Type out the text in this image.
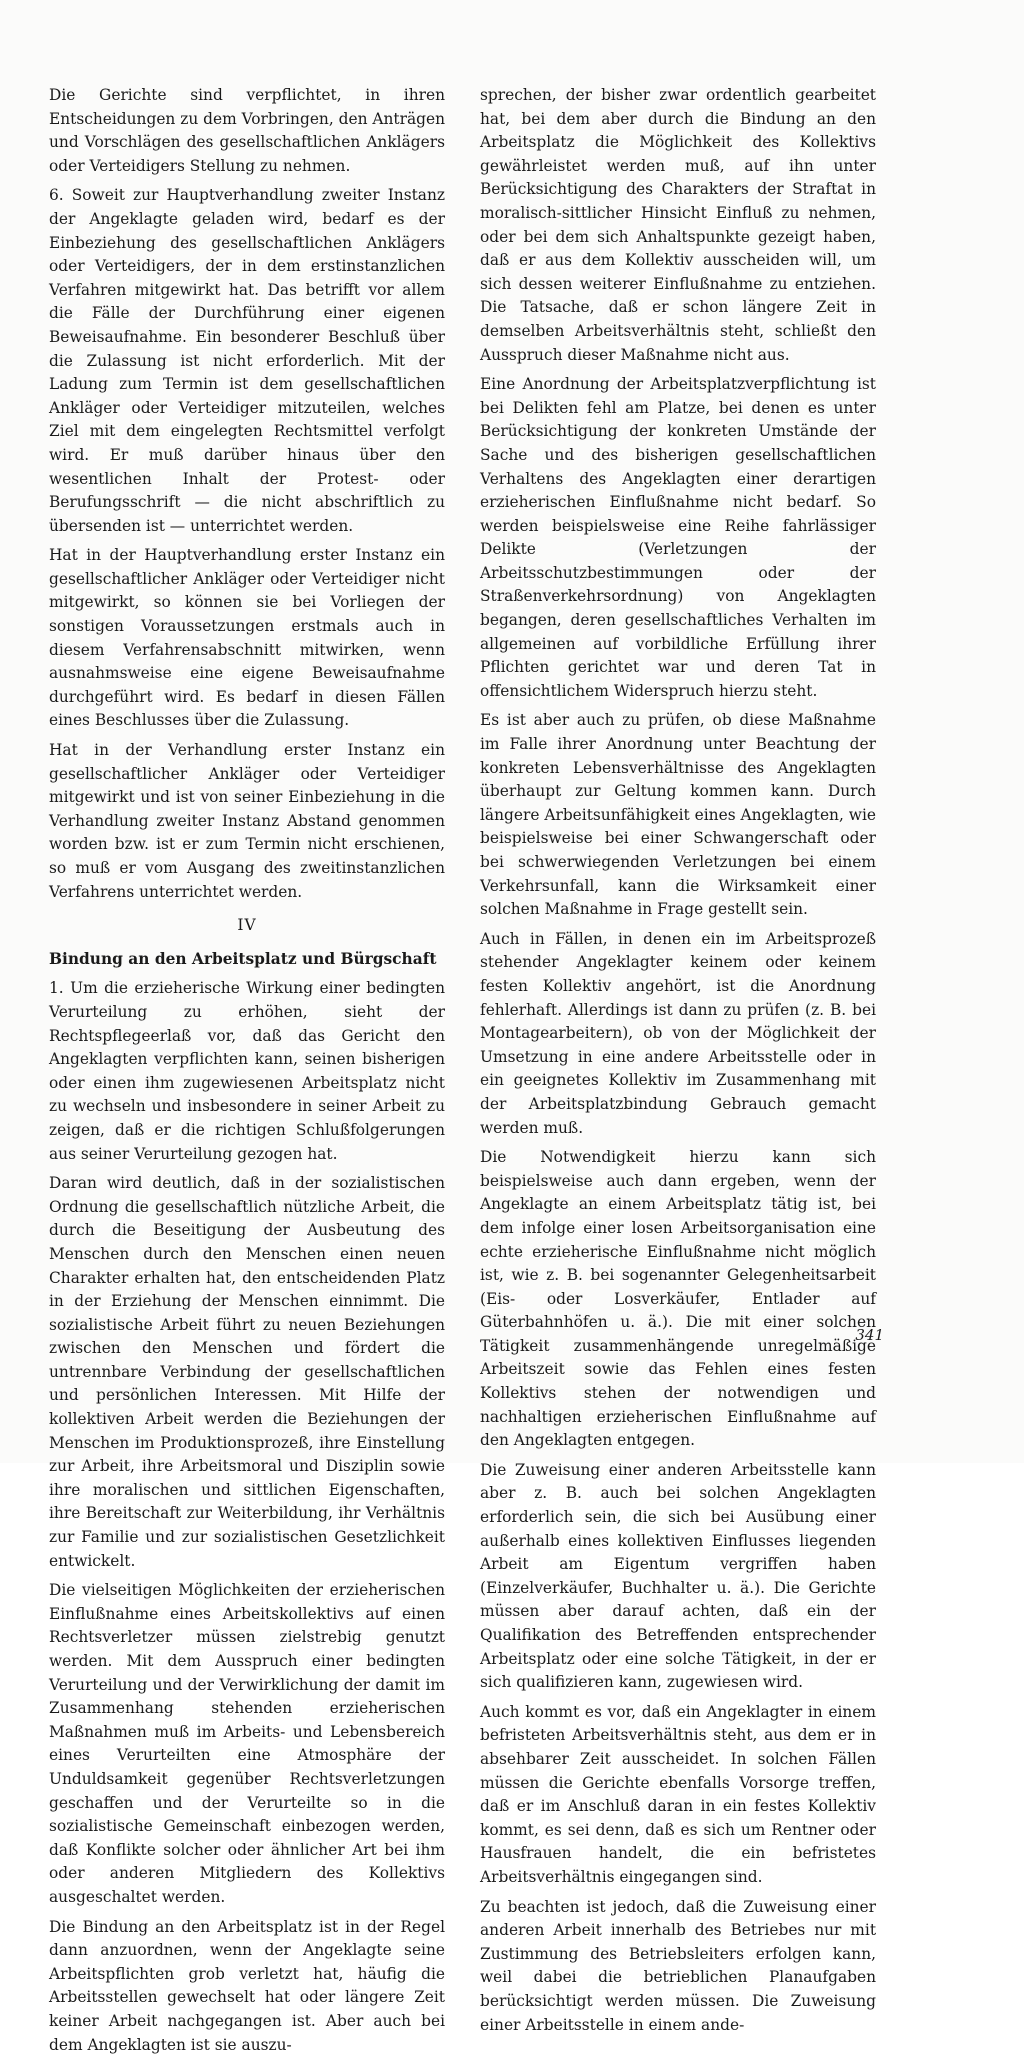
Die Gerichte sind verpflichtet, in ihren Entscheidungen zu dem Vorbringen, den Anträgen und Vorschlägen des gesellschaftlichen Anklägers oder Verteidigers Stellung zu nehmen.

6. Soweit zur Hauptverhandlung zweiter Instanz der Angeklagte geladen wird, bedarf es der Einbeziehung des gesellschaftlichen Anklägers oder Verteidigers, der in dem erstinstanzlichen Verfahren mitgewirkt hat. Das betrifft vor allem die Fälle der Durchführung einer eigenen Beweisaufnahme. Ein besonderer Beschluß über die Zulassung ist nicht erforderlich. Mit der Ladung zum Termin ist dem gesellschaftlichen Ankläger oder Verteidiger mitzuteilen, welches Ziel mit dem eingelegten Rechtsmittel verfolgt wird. Er muß darüber hinaus über den wesentlichen Inhalt der Protest- oder Berufungsschrift — die nicht abschriftlich zu übersenden ist — unterrichtet werden.

Hat in der Hauptverhandlung erster Instanz ein gesellschaftlicher Ankläger oder Verteidiger nicht mitgewirkt, so können sie bei Vorliegen der sonstigen Voraussetzungen erstmals auch in diesem Verfahrensabschnitt mitwirken, wenn ausnahmsweise eine eigene Beweisaufnahme durchgeführt wird. Es bedarf in diesen Fällen eines Beschlusses über die Zulassung.

Hat in der Verhandlung erster Instanz ein gesellschaftlicher Ankläger oder Verteidiger mitgewirkt und ist von seiner Einbeziehung in die Verhandlung zweiter Instanz Abstand genommen worden bzw. ist er zum Termin nicht erschienen, so muß er vom Ausgang des zweitinstanzlichen Verfahrens unterrichtet werden.

IV

Bindung an den Arbeitsplatz und Bürgschaft

1. Um die erzieherische Wirkung einer bedingten Verurteilung zu erhöhen, sieht der Rechtspflegeerlaß vor, daß das Gericht den Angeklagten verpflichten kann, seinen bisherigen oder einen ihm zugewiesenen Arbeitsplatz nicht zu wechseln und insbesondere in seiner Arbeit zu zeigen, daß er die richtigen Schlußfolgerungen aus seiner Verurteilung gezogen hat.

Daran wird deutlich, daß in der sozialistischen Ordnung die gesellschaftlich nützliche Arbeit, die durch die Beseitigung der Ausbeutung des Menschen durch den Menschen einen neuen Charakter erhalten hat, den entscheidenden Platz in der Erziehung der Menschen einnimmt. Die sozialistische Arbeit führt zu neuen Beziehungen zwischen den Menschen und fördert die untrennbare Verbindung der gesellschaftlichen und persönlichen Interessen. Mit Hilfe der kollektiven Arbeit werden die Beziehungen der Menschen im Produktionsprozeß, ihre Einstellung zur Arbeit, ihre Arbeitsmoral und Disziplin sowie ihre moralischen und sittlichen Eigenschaften, ihre Bereitschaft zur Weiterbildung, ihr Verhältnis zur Familie und zur sozialistischen Gesetzlichkeit entwickelt.

Die vielseitigen Möglichkeiten der erzieherischen Einflußnahme eines Arbeitskollektivs auf einen Rechtsverletzer müssen zielstrebig genutzt werden. Mit dem Ausspruch einer bedingten Verurteilung und der Verwirklichung der damit im Zusammenhang stehenden erzieherischen Maßnahmen muß im Arbeits- und Lebensbereich eines Verurteilten eine Atmosphäre der Unduldsamkeit gegenüber Rechtsverletzungen geschaffen und der Verurteilte so in die sozialistische Gemeinschaft einbezogen werden, daß Konflikte solcher oder ähnlicher Art bei ihm oder anderen Mitgliedern des Kollektivs ausgeschaltet werden.

Die Bindung an den Arbeitsplatz ist in der Regel dann anzuordnen, wenn der Angeklagte seine Arbeitspflichten grob verletzt hat, häufig die Arbeitsstellen gewechselt hat oder längere Zeit keiner Arbeit nachgegangen ist. Aber auch bei dem Angeklagten ist sie auszu-

sprechen, der bisher zwar ordentlich gearbeitet hat, bei dem aber durch die Bindung an den Arbeitsplatz die Möglichkeit des Kollektivs gewährleistet werden muß, auf ihn unter Berücksichtigung des Charakters der Straftat in moralisch-sittlicher Hinsicht Einfluß zu nehmen, oder bei dem sich Anhaltspunkte gezeigt haben, daß er aus dem Kollektiv ausscheiden will, um sich dessen weiterer Einflußnahme zu entziehen. Die Tatsache, daß er schon längere Zeit in demselben Arbeitsverhältnis steht, schließt den Ausspruch dieser Maßnahme nicht aus.

Eine Anordnung der Arbeitsplatzverpflichtung ist bei Delikten fehl am Platze, bei denen es unter Berücksichtigung der konkreten Umstände der Sache und des bisherigen gesellschaftlichen Verhaltens des Angeklagten einer derartigen erzieherischen Einflußnahme nicht bedarf. So werden beispielsweise eine Reihe fahrlässiger Delikte (Verletzungen der Arbeitsschutzbestimmungen oder der Straßenverkehrsordnung) von Angeklagten begangen, deren gesellschaftliches Verhalten im allgemeinen auf vorbildliche Erfüllung ihrer Pflichten gerichtet war und deren Tat in offensichtlichem Widerspruch hierzu steht.

Es ist aber auch zu prüfen, ob diese Maßnahme im Falle ihrer Anordnung unter Beachtung der konkreten Lebensverhältnisse des Angeklagten überhaupt zur Geltung kommen kann. Durch längere Arbeitsunfähigkeit eines Angeklagten, wie beispielsweise bei einer Schwangerschaft oder bei schwerwiegenden Verletzungen bei einem Verkehrsunfall, kann die Wirksamkeit einer solchen Maßnahme in Frage gestellt sein.

Auch in Fällen, in denen ein im Arbeitsprozeß stehender Angeklagter keinem oder keinem festen Kollektiv angehört, ist die Anordnung fehlerhaft. Allerdings ist dann zu prüfen (z. B. bei Montagearbeitern), ob von der Möglichkeit der Umsetzung in eine andere Arbeitsstelle oder in ein geeignetes Kollektiv im Zusammenhang mit der Arbeitsplatzbindung Gebrauch gemacht werden muß.

Die Notwendigkeit hierzu kann sich beispielsweise auch dann ergeben, wenn der Angeklagte an einem Arbeitsplatz tätig ist, bei dem infolge einer losen Arbeitsorganisation eine echte erzieherische Einflußnahme nicht möglich ist, wie z. B. bei sogenannter Gelegenheitsarbeit (Eis- oder Losverkäufer, Entlader auf Güterbahnhöfen u. ä.). Die mit einer solchen Tätigkeit zusammenhängende unregelmäßige Arbeitszeit sowie das Fehlen eines festen Kollektivs stehen der notwendigen und nachhaltigen erzieherischen Einflußnahme auf den Angeklagten entgegen.

Die Zuweisung einer anderen Arbeitsstelle kann aber z. B. auch bei solchen Angeklagten erforderlich sein, die sich bei Ausübung einer außerhalb eines kollektiven Einflusses liegenden Arbeit am Eigentum vergriffen haben (Einzelverkäufer, Buchhalter u. ä.). Die Gerichte müssen aber darauf achten, daß ein der Qualifikation des Betreffenden entsprechender Arbeitsplatz oder eine solche Tätigkeit, in der er sich qualifizieren kann, zugewiesen wird.

Auch kommt es vor, daß ein Angeklagter in einem befristeten Arbeitsverhältnis steht, aus dem er in absehbarer Zeit ausscheidet. In solchen Fällen müssen die Gerichte ebenfalls Vorsorge treffen, daß er im Anschluß daran in ein festes Kollektiv kommt, es sei denn, daß es sich um Rentner oder Hausfrauen handelt, die ein befristetes Arbeitsverhältnis eingegangen sind.

Zu beachten ist jedoch, daß die Zuweisung einer anderen Arbeit innerhalb des Betriebes nur mit Zustimmung des Betriebsleiters erfolgen kann, weil dabei die betrieblichen Planaufgaben berücksichtigt werden müssen. Die Zuweisung einer Arbeitsstelle in einem ande-

341
